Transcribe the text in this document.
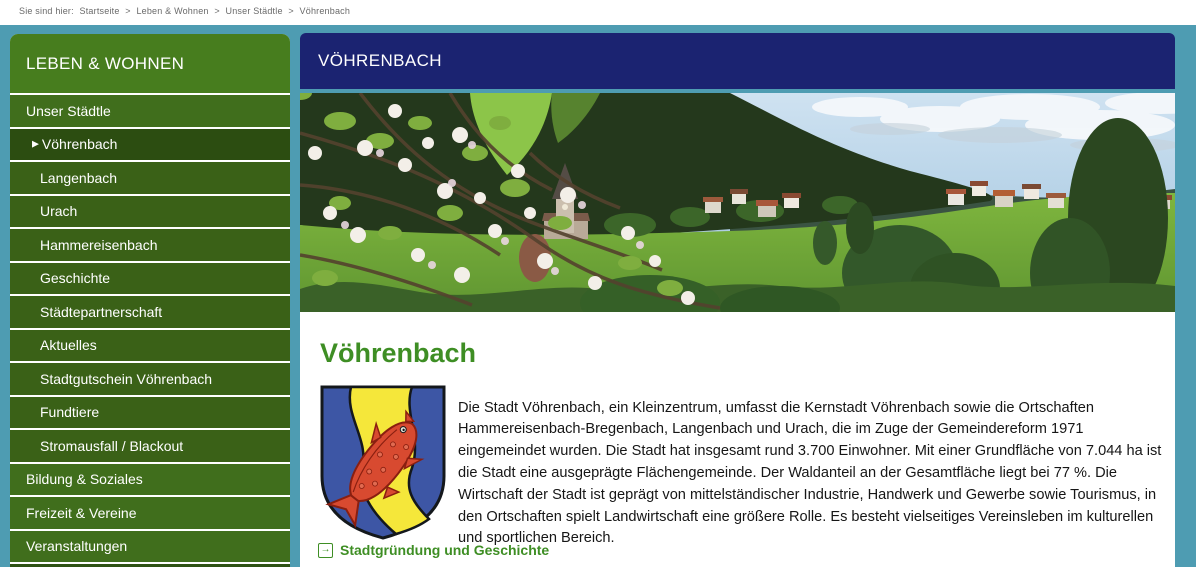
Sie sind hier: Startseite > Leben & Wohnen > Unser Städtle > Vöhrenbach
LEBEN & WOHNEN
Unser Städtle
▶ Vöhrenbach
Langenbach
Urach
Hammereisenbach
Geschichte
Städtepartnerschaft
Aktuelles
Stadtgutschein Vöhrenbach
Fundtiere
Stromausfall / Blackout
Bildung & Soziales
Freizeit & Vereine
Veranstaltungen
VÖHRENBACH
Vöhrenbach

Die Stadt Vöhrenbach, ein Kleinzentrum, umfasst die Kernstadt Vöhrenbach sowie die Ortschaften Hammereisenbach-Bregenbach, Langenbach und Urach, die im Zuge der Gemeindereform 1971 eingemeindet wurden. Die Stadt hat insgesamt rund 3.700 Einwohner. Mit einer Grundfläche von 7.044 ha ist die Stadt eine ausgeprägte Flächengemeinde. Der Waldanteil an der Gesamtfläche liegt bei 77 %. Die Wirtschaft der Stadt ist geprägt von mittelständischer Industrie, Handwerk und Gewerbe sowie Tourismus, in den Ortschaften spielt Landwirtschaft eine größere Rolle. Es besteht vielseitiges Vereinsleben im kulturellen und sportlichen Bereich.

→ Stadtgründung und Geschichte
